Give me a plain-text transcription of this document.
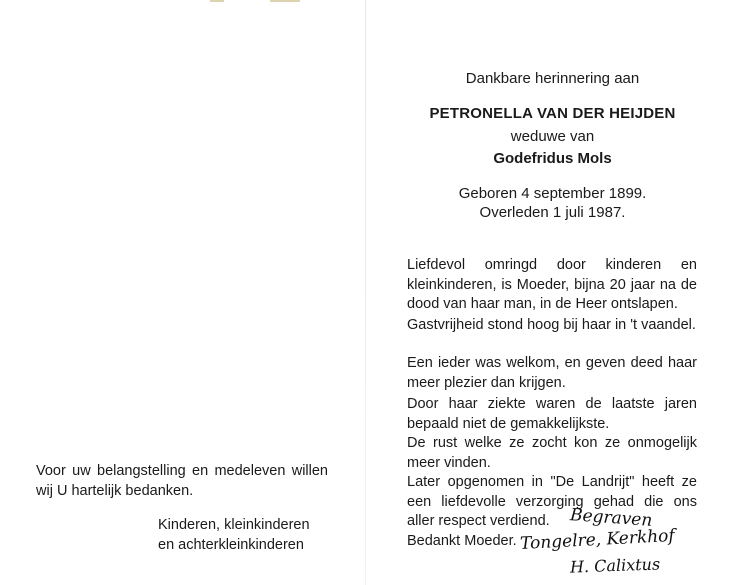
Voor uw belangstelling en medeleven willen wij U hartelijk bedanken.
Kinderen, kleinkinderen
en achterkleinkinderen
Dankbare herinnering aan
PETRONELLA VAN DER HEIJDEN
weduwe van
Godefridus Mols
Geboren 4 september 1899.
Overleden 1 juli 1987.
Liefdevol omringd door kinderen en kleinkinderen, is Moeder, bijna 20 jaar na de dood van haar man, in de Heer ontslapen.
Gastvrijheid stond hoog bij haar in 't vaandel.
Een ieder was welkom, en geven deed haar meer plezier dan krijgen.
Door haar ziekte waren de laatste jaren bepaald niet de gemakkelijkste.
De rust welke ze zocht kon ze onmogelijk meer vinden.
Later opgenomen in "De Landrijt" heeft ze een liefdevolle verzorging gehad die ons aller respect verdiend.
Bedankt Moeder.
Begraven
Tongelre, Kerkhof
H. Calixtus
